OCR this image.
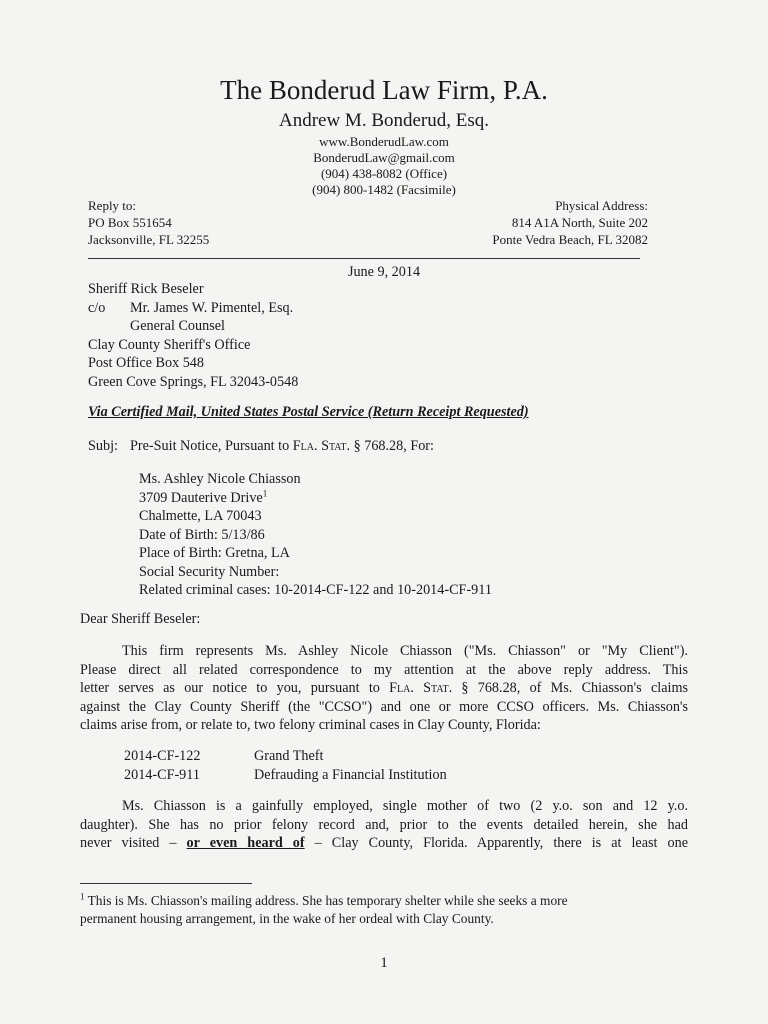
The Bonderud Law Firm, P.A.
Andrew M. Bonderud, Esq.
www.BonderudLaw.com
BonderudLaw@gmail.com
(904) 438-8082 (Office)
(904) 800-1482 (Facsimile)
Reply to:
PO Box 551654
Jacksonville, FL 32255
Physical Address:
814 A1A North, Suite 202
Ponte Vedra Beach, FL 32082
June 9, 2014
Sheriff Rick Beseler
c/o Mr. James W. Pimentel, Esq.
General Counsel
Clay County Sheriff's Office
Post Office Box 548
Green Cove Springs, FL 32043-0548
Via Certified Mail, United States Postal Service (Return Receipt Requested)
Subj: Pre-Suit Notice, Pursuant to Fla. Stat. § 768.28, For:
Ms. Ashley Nicole Chiasson
3709 Dauterive Drive$^1$
Chalmette, LA 70043
Date of Birth: 5/13/86
Place of Birth: Gretna, LA
Social Security Number:
Related criminal cases: 10-2014-CF-122 and 10-2014-CF-911
Dear Sheriff Beseler:
This firm represents Ms. Ashley Nicole Chiasson ("Ms. Chiasson" or "My Client").
Please direct all related correspondence to my attention at the above reply address. This
letter serves as our notice to you, pursuant to Fla. Stat. § 768.28, of Ms. Chiasson's claims
against the Clay County Sheriff (the "CCSO") and one or more CCSO officers. Ms. Chiasson's
claims arise from, or relate to, two felony criminal cases in Clay County, Florida:
2014-CF-122	Grand Theft
2014-CF-911	Defrauding a Financial Institution
Ms. Chiasson is a gainfully employed, single mother of two (2 y.o. son and 12 y.o.
daughter). She has no prior felony record and, prior to the events detailed herein, she had
never visited – or even heard of – Clay County, Florida. Apparently, there is at least one
$^1$ This is Ms. Chiasson's mailing address. She has temporary shelter while she seeks a more
permanent housing arrangement, in the wake of her ordeal with Clay County.
1
